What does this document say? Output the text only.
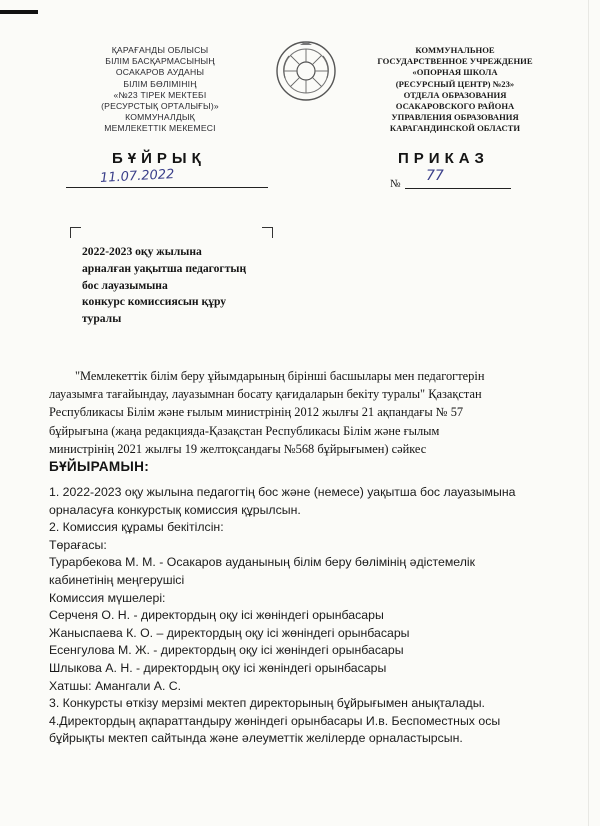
ҚАРАҒАНДЫ ОБЛЫСЫ
БІЛІМ БАСҚАРМАСЫНЫҢ
ОСАКАРОВ АУДАНЫ
БІЛІМ БӨЛІМІНІҢ
«№23 ТІРЕК МЕКТЕБІ
(РЕСУРСТЫҚ ОРТАЛЫҒЫ)»
КОММУНАЛДЫҚ
МЕМЛЕКЕТТІК МЕКЕМЕСІ
КОММУНАЛЬНОЕ
ГОСУДАРСТВЕННОЕ УЧРЕЖДЕНИЕ
«ОПОРНАЯ ШКОЛА
(РЕСУРСНЫЙ ЦЕНТР) №23»
ОТДЕЛА ОБРАЗОВАНИЯ
ОСАКАРОВСКОГО РАЙОНА
УПРАВЛЕНИЯ ОБРАЗОВАНИЯ
КАРАГАНДИНСКОЙ ОБЛАСТИ
БҰЙРЫҚ	ПРИКАЗ
11.07.2022	№ 77
2022-2023 оқу жылына
арналған уақытша педагогтың
бос лауазымына
конкурс комиссиясын құру
туралы

"Мемлекеттік білім беру ұйымдарының бірінші басшылары мен педагогтерін

лауазымға тағайындау, лауазымнан босату қағидаларын бекіту туралы" Қазақстан

Республикасы Білім және ғылым министрінің 2012 жылғы 21 ақпандағы № 57

бұйрығына (жаңа редакцияда-Қазақстан Республикасы Білім және ғылым

министрінің 2021 жылғы 19 желтоқсандағы №568 бұйрығымен) сәйкес

БҰЙЫРАМЫН:

1. 2022-2023 оқу жылына педагогтің бос және (немесе) уақытша бос лауазымына

орналасуға конкурстық комиссия құрылсын.

2. Комиссия құрамы бекітілсін:

Төрағасы:

Турарбекова М. М. - Осакаров ауданының білім беру бөлімінің әдістемелік

кабинетінің меңгерушісі

Комиссия мүшелері:

Серченя О. Н. - директордың оқу ісі жөніндегі орынбасары

Жаныспаева К. О. – директордың оқу ісі жөніндегі орынбасары

Есенгулова М. Ж. - директордың оқу ісі жөніндегі орынбасары

Шлыкова А. Н. - директордың оқу ісі жөніндегі орынбасары

Хатшы: Амангали А. С.

3. Конкурсты өткізу мерзімі мектеп директорының бұйрығымен анықталады.

4.Директордың ақпараттандыру жөніндегі орынбасары И.в. Беспоместных осы

бұйрықты мектеп сайтында және әлеуметтік желілерде орналастырсын.
